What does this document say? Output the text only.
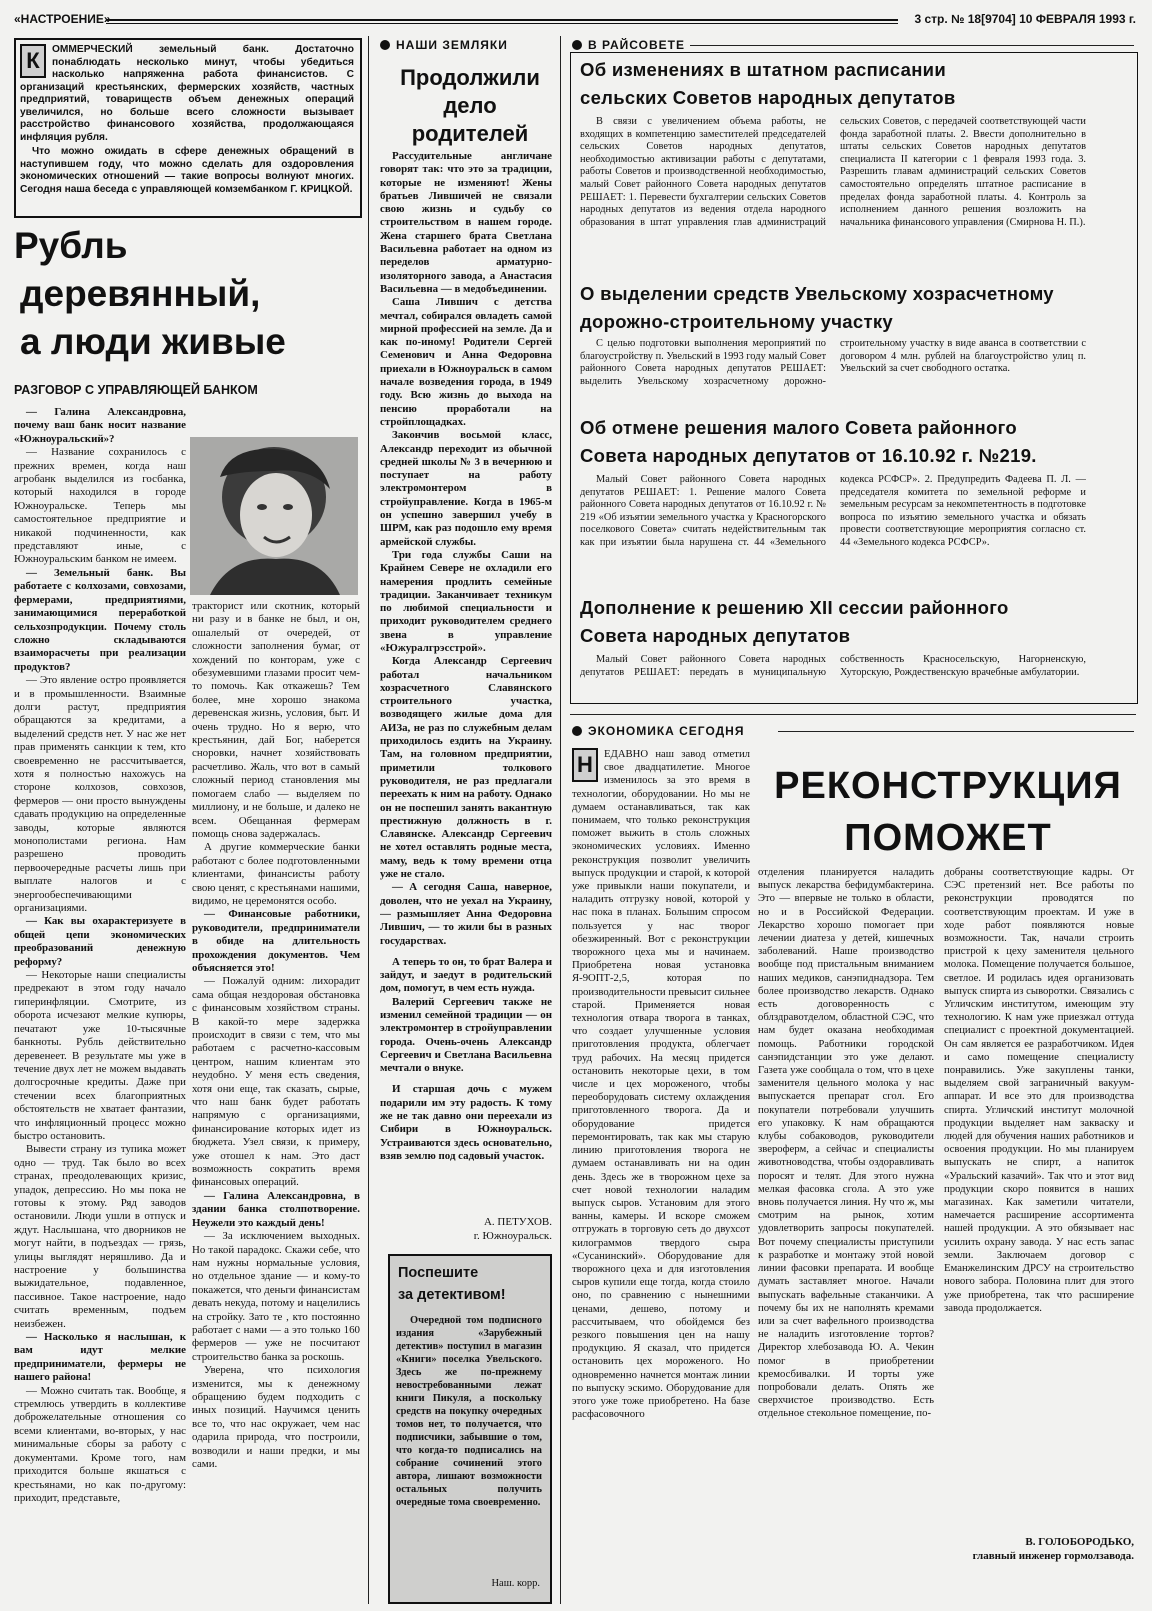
«НАСТРОЕНИЕ»	3 стр. № 18[9704] 10 ФЕВРАЛЯ 1993 г.
К	ОММЕРЧЕСКИЙ земельный банк. Достаточно понаблюдать несколько минут, чтобы убедиться насколько напряженна работа финансистов. С организаций крестьянских, фермерских хозяйств, частных предприятий, товариществ объем денежных операций увеличился, но больше всего сложности вызывает расстройство финансового хозяйства, продолжающаяся инфляция рубля.

Что можно ожидать в сфере денежных обращений в наступившем году, что можно сделать для оздоровления экономических отношений — такие вопросы волнуют многих. Сегодня наша беседа с управляющей комзембанком Г. КРИЦКОЙ.

Рубль
деревянный,
а люди живые
РАЗГОВОР С УПРАВЛЯЮЩЕЙ БАНКОМ

— Галина Александровна, почему ваш банк носит название «Южноуральский»?

— Название сохранилось с прежних времен, когда наш агробанк выделился из госбанка, который находился в городе Южноуральске. Теперь мы самостоятельное предприятие и никакой подчиненности, как представляют иные, с Южноуральским банком не имеем.

— Земельный банк. Вы работаете с колхозами, совхозами, фермерами, предприятиями, занимающимися переработкой сельхозпродукции. Почему столь сложно складываются взаиморасчеты при реализации продуктов?

— Это явление остро проявляется и в промышленности. Взаимные долги растут, предприятия обращаются за кредитами, а выделений средств нет. У нас же нет прав применять санкции к тем, кто своевременно не рассчитывается, хотя я полностью нахожусь на стороне колхозов, совхозов, фермеров — они просто вынуждены сдавать продукцию на определенные заводы, которые являются монополистами региона. Нам разрешено проводить первоочередные расчеты лишь при выплате налогов и с энергообеспечивающими организациями.

— Как вы охарактеризуете в общей цепи экономических преобразований денежную реформу?

— Некоторые наши специалисты предрекают в этом году начало гиперинфляции. Смотрите, из оборота исчезают мелкие купюры, печатают уже 10-тысячные банкноты. Рубль действительно деревенеет. В результате мы уже в течение двух лет не можем выдавать долгосрочные кредиты. Даже при стечении всех благоприятных обстоятельств не хватает фантазии, что инфляционный процесс можно быстро остановить.

Вывести страну из тупика может одно — труд. Так было во всех странах, преодолевающих кризис, упадок, депрессию. Но мы пока не готовы к этому. Ряд заводов остановили. Люди ушли в отпуск и ждут. Наслышана, что дворников не могут найти, в подъездах — грязь, улицы выглядят неряшливо. Да и настроение у большинства выжидательное, подавленное, пассивное. Такое настроение, надо считать временным, подъем неизбежен.

— Насколько я наслышан, к вам идут мелкие предприниматели, фермеры не нашего района!

— Можно считать так. Вообще, я стремлюсь утвердить в коллективе доброжелательные отношения со всеми клиентами, во-вторых, у нас минимальные сборы за работу с документами. Кроме того, нам приходится больше якшаться с крестьянами, но как по-другому: приходит, представьте,

тракторист или скотник, который ни разу и в банке не был, и он, ошалелый от очередей, от сложности заполнения бумаг, от хождений по конторам, уже с обезумевшими глазами просит чем-то помочь. Как откажешь? Тем более, мне хорошо знакома деревенская жизнь, условия, быт. И очень трудно. Но я верю, что крестьянин, дай Бог, наберется сноровки, начнет хозяйствовать расчетливо. Жаль, что вот в самый сложный период становления мы помогаем слабо — выделяем по миллиону, и не больше, и далеко не всем. Обещанная фермерам помощь снова задержалась.

А другие коммерческие банки работают с более подготовленными клиентами, финансисты работу свою ценят, с крестьянами нашими, видимо, не церемонятся особо.

— Финансовые работники, руководители, предприниматели в обиде на длительность прохождения документов. Чем объясняется это!

— Пожалуй одним: лихорадит сама общая нездоровая обстановка с финансовым хозяйством страны. В какой-то мере задержка происходит в связи с тем, что мы работаем с расчетно-кассовым центром, нашим клиентам это неудобно. У меня есть сведения, хотя они еще, так сказать, сырые, что наш банк будет работать напрямую с организациями, финансирование которых идет из бюджета. Узел связи, к примеру, уже отошел к нам. Это даст возможность сократить время финансовых операций.

— Галина Александровна, в здании банка столпотворение. Неужели это каждый день!

— За исключением выходных. Но такой парадокс. Скажи себе, что нам нужны нормальные условия, но отдельное здание — и кому-то покажется, что деньги финансистам девать некуда, потому и нацелились на стройку. Зато те , кто постоянно работает с нами — а это только 160 фермеров — уже не посчитают строительство банка за роскошь.

Уверена, что психология изменится, мы к денежному обращению будем подходить с иных позиций. Научимся ценить все то, что нас окружает, чем нас одарила природа, что построили, возводили и наши предки, и мы сами.

НАШИ ЗЕМЛЯКИ
Продолжили
дело
родителей

Рассудительные англичане говорят так: что это за традиции, которые не изменяют! Жены братьев Лившичей не связали свою жизнь и судьбу со строительством в нашем городе. Жена старшего брата Светлана Васильевна работает на одном из переделов арматурно-изоляторного завода, а Анастасия Васильевна — в медобъединении.

Саша Лившич с детства мечтал, собирался овладеть самой мирной профессией на земле. Да и как по-иному! Родители Сергей Семенович и Анна Федоровна приехали в Южноуральск в самом начале возведения города, в 1949 году. Всю жизнь до выхода на пенсию проработали на стройплощадках.

Закончив восьмой класс, Александр переходит из обычной средней школы № 3 в вечернюю и поступает на работу электромонтером в стройуправление. Когда в 1965-м он успешно завершил учебу в ШРМ, как раз подошло ему время армейской службы.

Три года службы Саши на Крайнем Севере не охладили его намерения продлить семейные традиции. Заканчивает техникум по любимой специальности и приходит руководителем среднего звена в управление «Южуралгрэсстрой».

Когда Александр Сергеевич работал начальником хозрасчетного Славянского строительного участка, возводящего жилые дома для АИЗа, не раз по служебным делам приходилось ездить на Украину. Там, на головном предприятии, приметили толкового руководителя, не раз предлагали переехать к ним на работу. Однако он не поспешил занять вакантную престижную должность в г. Славянске. Александр Сергеевич не хотел оставлять родные места, маму, ведь к тому времени отца уже не стало.

— А сегодня Саша, наверное, доволен, что не уехал на Украину, — размышляет Анна Федоровна Лившич, — то жили бы в разных государствах.

А теперь то он, то брат Валера и зайдут, и заедут в родительский дом, помогут, в чем есть нужда.

Валерий Сергеевич также не изменил семейной традиции — он электромонтер в стройуправлении города. Очень-очень Александр Сергеевич и Светлана Васильевна мечтали о внуке.

И старшая дочь с мужем подарили им эту радость. К тому же не так давно они переехали из Сибири в Южноуральск. Устраиваются здесь основательно, взяв землю под садовый участок.

А. ПЕТУХОВ.
г. Южноуральск.
Поспешите
за детективом!
Очередной том подписного издания «Зарубежный детектив» поступил в магазин «Книги» поселка Увельского. Здесь же по-прежнему невостребованными лежат книги Пикуля, а поскольку средств на покупку очередных томов нет, то получается, что подписчики, забывшие о том, что когда-то подписались на собрание сочинений этого автора, лишают возможности остальных получить очередные тома своевременно.
Наш. корр.
В РАЙСОВЕТЕ
Об изменениях в штатном расписании
сельских Советов народных депутатов
В связи с увеличением объема работы, не входящих в компетенцию заместителей председателей сельских Советов народных депутатов, необходимостью активизации работы с депутатами, работы Советов и производственной необходимостью, малый Совет районного Совета народных депутатов РЕШАЕТ: 1. Перевести бухгалтерии сельских Советов народных депутатов из ведения отдела народного образования в штат управления глав администраций сельских Советов, с передачей соответствующей части фонда заработной платы. 2. Ввести дополнительно в штаты сельских Советов народных депутатов специалиста II категории с 1 февраля 1993 года. 3. Разрешить главам администраций сельских Советов самостоятельно определять штатное расписание в пределах фонда заработной платы. 4. Контроль за исполнением данного решения возложить на начальника финансового управления (Смирнова Н. П.).
О выделении средств Увельскому хозрасчетному
дорожно-строительному участку
С целью подготовки выполнения мероприятий по благоустройству п. Увельский в 1993 году малый Совет районного Совета народных депутатов РЕШАЕТ: выделить Увельскому хозрасчетному дорожно-строительному участку в виде аванса в соответствии с договором 4 млн. рублей на благоустройство улиц п. Увельский за счет свободного остатка.
Об отмене решения малого Совета районного
Совета народных депутатов от 16.10.92 г. №219.
Малый Совет районного Совета народных депутатов РЕШАЕТ: 1. Решение малого Совета районного Совета народных депутатов от 16.10.92 г. № 219 «Об изъятии земельного участка у Красногорского поселкового Совета» считать недействительным так как при изъятии была нарушена ст. 44 «Земельного кодекса РСФСР». 2. Предупредить Фадеева П. Л. — председателя комитета по земельной реформе и земельным ресурсам за некомпетентность в подготовке вопроса по изъятию земельного участка и обязать провести соответствующие мероприятия согласно ст. 44 «Земельного кодекса РСФСР».
Дополнение к решению XII сессии районного
Совета народных депутатов
Малый Совет районного Совета народных депутатов РЕШАЕТ: передать в муниципальную собственность Красносельскую, Нагорненскую, Хуторскую, Рождественскую врачебные амбулатории.
ЭКОНОМИКА СЕГОДНЯ
РЕКОНСТРУКЦИЯ
ПОМОЖЕТ
Н	ЕДАВНО наш завод отметил свое двадцатилетие. Многое изменилось за это время в технологии, оборудовании. Но мы не думаем останавливаться, так как понимаем, что только реконструкция поможет выжить в столь сложных экономических условиях. Именно реконструкция позволит увеличить выпуск продукции и старой, к которой уже привыкли наши покупатели, и наладить отгрузку новой, которой у нас пока в планах. Большим спросом пользуется у нас творог обезжиренный. Вот с реконструкции творожного цеха мы и начинаем. Приобретена новая установка Я-9ОПТ-2,5, которая по производительности превысит сильнее старой. Применяется новая технология отвара творога в танках, что создает улучшенные условия приготовления продукта, облегчает труд рабочих. На месяц придется остановить некоторые цехи, в том числе и цех мороженого, чтобы переоборудовать систему охлаждения приготовленного творога. Да и оборудование придется перемонтировать, так как мы старую линию приготовления творога не думаем останавливать ни на один день. Здесь же в творожном цехе за счет новой технологии наладим выпуск сыров. Установим для этого ванны, камеры. И вскоре сможем отгружать в торговую сеть до двухсот килограммов твердого сыра «Сусанинский». Оборудование для творожного цеха и для изготовления сыров купили еще тогда, когда стоило оно, по сравнению с нынешними ценами, дешево, потому и рассчитываем, что обойдемся без резкого повышения цен на нашу продукцию. Я сказал, что придется остановить цех мороженого. Но одновременно начнется монтаж линии по выпуску эскимо. Оборудование для этого уже тоже приобретено. На базе расфасовочного
отделения планируется наладить выпуск лекарства бефидумбактерина. Это — впервые не только в области, но и в Российской Федерации. Лекарство хорошо помогает при лечении диатеза у детей, кишечных заболеваний. Наше производство вообще под пристальным вниманием наших медиков, санэпиднадзора. Тем более производство лекарств. Однако есть договоренность с облздравотделом, областной СЭС, что нам будет оказана необходимая помощь. Работники городской санэпидстанции это уже делают. Газета уже сообщала о том, что в цехе заменителя цельного молока у нас выпускается препарат сгол. Его покупатели потребовали улучшить его упаковку. К нам обращаются клубы собаководов, руководители звероферм, а сейчас и специалисты животноводства, чтобы оздоравливать поросят и телят. Для этого нужна мелкая фасовка сгола. А это уже вновь получается линия. Ну что ж, мы смотрим на рынок, хотим удовлетворить запросы покупателей. Вот почему специалисты приступили к разработке и монтажу этой новой линии фасовки препарата. И вообще думать заставляет многое. Начали выпускать вафельные стаканчики. А почему бы их не наполнять кремами или за счет вафельного производства не наладить изготовление тортов? Директор хлебозавода Ю. А. Чекин помог в приобретении кремосбивалки. И торты уже попробовали делать. Опять же сверхчистое производство. Есть отдельное стекольное помещение, по-
добраны соответствующие кадры. От СЭС претензий нет. Все работы по реконструкции проводятся по соответствующим проектам. И уже в ходе работ появляются новые возможности. Так, начали строить пристрой к цеху заменителя цельного молока. Помещение получается большое, светлое. И родилась идея организовать выпуск спирта из сыворотки. Связались с Угличским институтом, имеющим эту технологию. К нам уже приезжал оттуда специалист с проектной документацией. Он сам является ее разработчиком. Идея и само помещение специалисту понравились. Уже закуплены танки, выделяем свой заграничный вакуум-аппарат. И все это для производства спирта. Угличский институт молочной продукции выделяет нам закваску и людей для обучения наших работников и освоения продукции. Но мы планируем выпускать не спирт, а напиток «Уральский казачий». Так что и этот вид продукции скоро появится в наших магазинах. Как заметили читатели, намечается расширение ассортимента нашей продукции. А это обязывает нас усилить охрану завода. У нас есть запас земли. Заключаем договор с Еманжелинским ДРСУ на строительство нового забора. Половина плит для этого уже приобретена, так что расширение завода продолжается.
В. ГОЛОБОРОДЬКО,
главный инженер гормолзавода.
